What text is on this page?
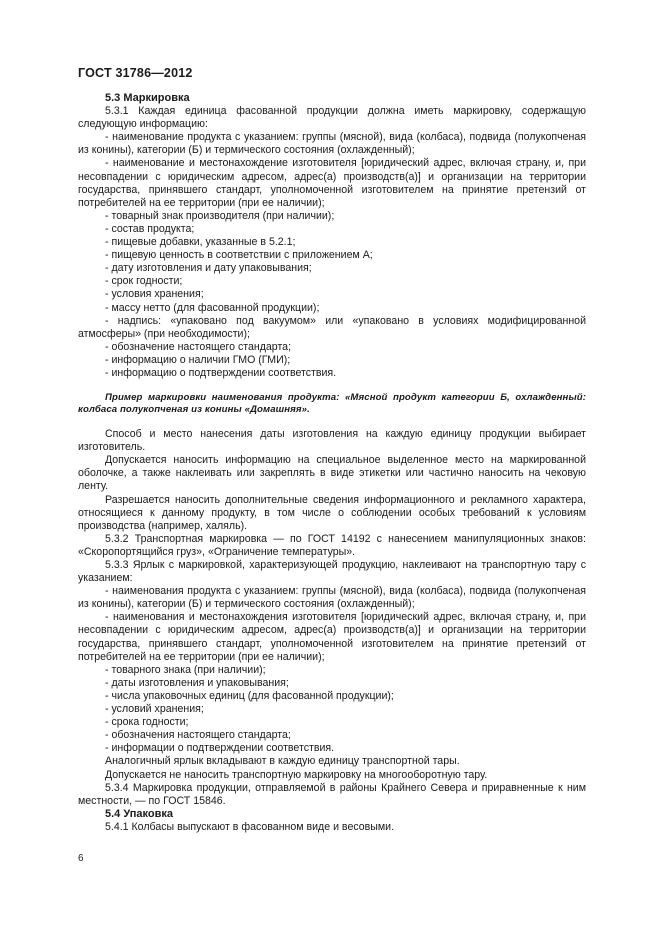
ГОСТ 31786—2012

5.3 Маркировка

5.3.1 Каждая единица фасованной продукции должна иметь маркировку, содержащую следующую информацию:

- наименование продукта с указанием: группы (мясной), вида (колбаса), подвида (полукопченая из конины), категории (Б) и термического состояния (охлажденный);

- наименование и местонахождение изготовителя [юридический адрес, включая страну, и, при несовпадении с юридическим адресом, адрес(а) производств(а)] и организации на территории государства, принявшего стандарт, уполномоченной изготовителем на принятие претензий от потребителей на ее территории (при ее наличии);

- товарный знак производителя (при наличии);

- состав продукта;

- пищевые добавки, указанные в 5.2.1;

- пищевую ценность в соответствии с приложением А;

- дату изготовления и дату упаковывания;

- срок годности;

- условия хранения;

- массу нетто (для фасованной продукции);

- надпись: «упаковано под вакуумом» или «упаковано в условиях модифицированной атмосферы» (при необходимости);

- обозначение настоящего стандарта;

- информацию о наличии ГМО (ГМИ);

- информацию о подтверждении соответствия.

Пример маркировки наименования продукта: «Мясной продукт категории Б, охлажденный: колбаса полукопченая из конины «Домашняя».

Способ и место нанесения даты изготовления на каждую единицу продукции выбирает изготовитель.

Допускается наносить информацию на специальное выделенное место на маркированной оболочке, а также наклеивать или закреплять в виде этикетки или частично наносить на чековую ленту.

Разрешается наносить дополнительные сведения информационного и рекламного характера, относящиеся к данному продукту, в том числе о соблюдении особых требований к условиям производства (например, халяль).

5.3.2 Транспортная маркировка — по ГОСТ 14192 с нанесением манипуляционных знаков: «Скоропортящийся груз», «Ограничение температуры».

5.3.3 Ярлык с маркировкой, характеризующей продукцию, наклеивают на транспортную тару с указанием:

- наименования продукта с указанием: группы (мясной), вида (колбаса), подвида (полукопченая из конины), категории (Б) и термического состояния (охлажденный);

- наименования и местонахождения изготовителя [юридический адрес, включая страну, и, при несовпадении с юридическим адресом, адрес(а) производств(а)] и организации на территории государства, принявшего стандарт, уполномоченной изготовителем на принятие претензий от потребителей на ее территории (при ее наличии);

- товарного знака (при наличии);

- даты изготовления и упаковывания;

- числа упаковочных единиц (для фасованной продукции);

- условий хранения;

- срока годности;

- обозначения настоящего стандарта;

- информации о подтверждении соответствия.

Аналогичный ярлык вкладывают в каждую единицу транспортной тары.

Допускается не наносить транспортную маркировку на многооборотную тару.

5.3.4 Маркировка продукции, отправляемой в районы Крайнего Севера и приравненные к ним местности, — по ГОСТ 15846.

5.4 Упаковка

5.4.1 Колбасы выпускают в фасованном виде и весовыми.

6
